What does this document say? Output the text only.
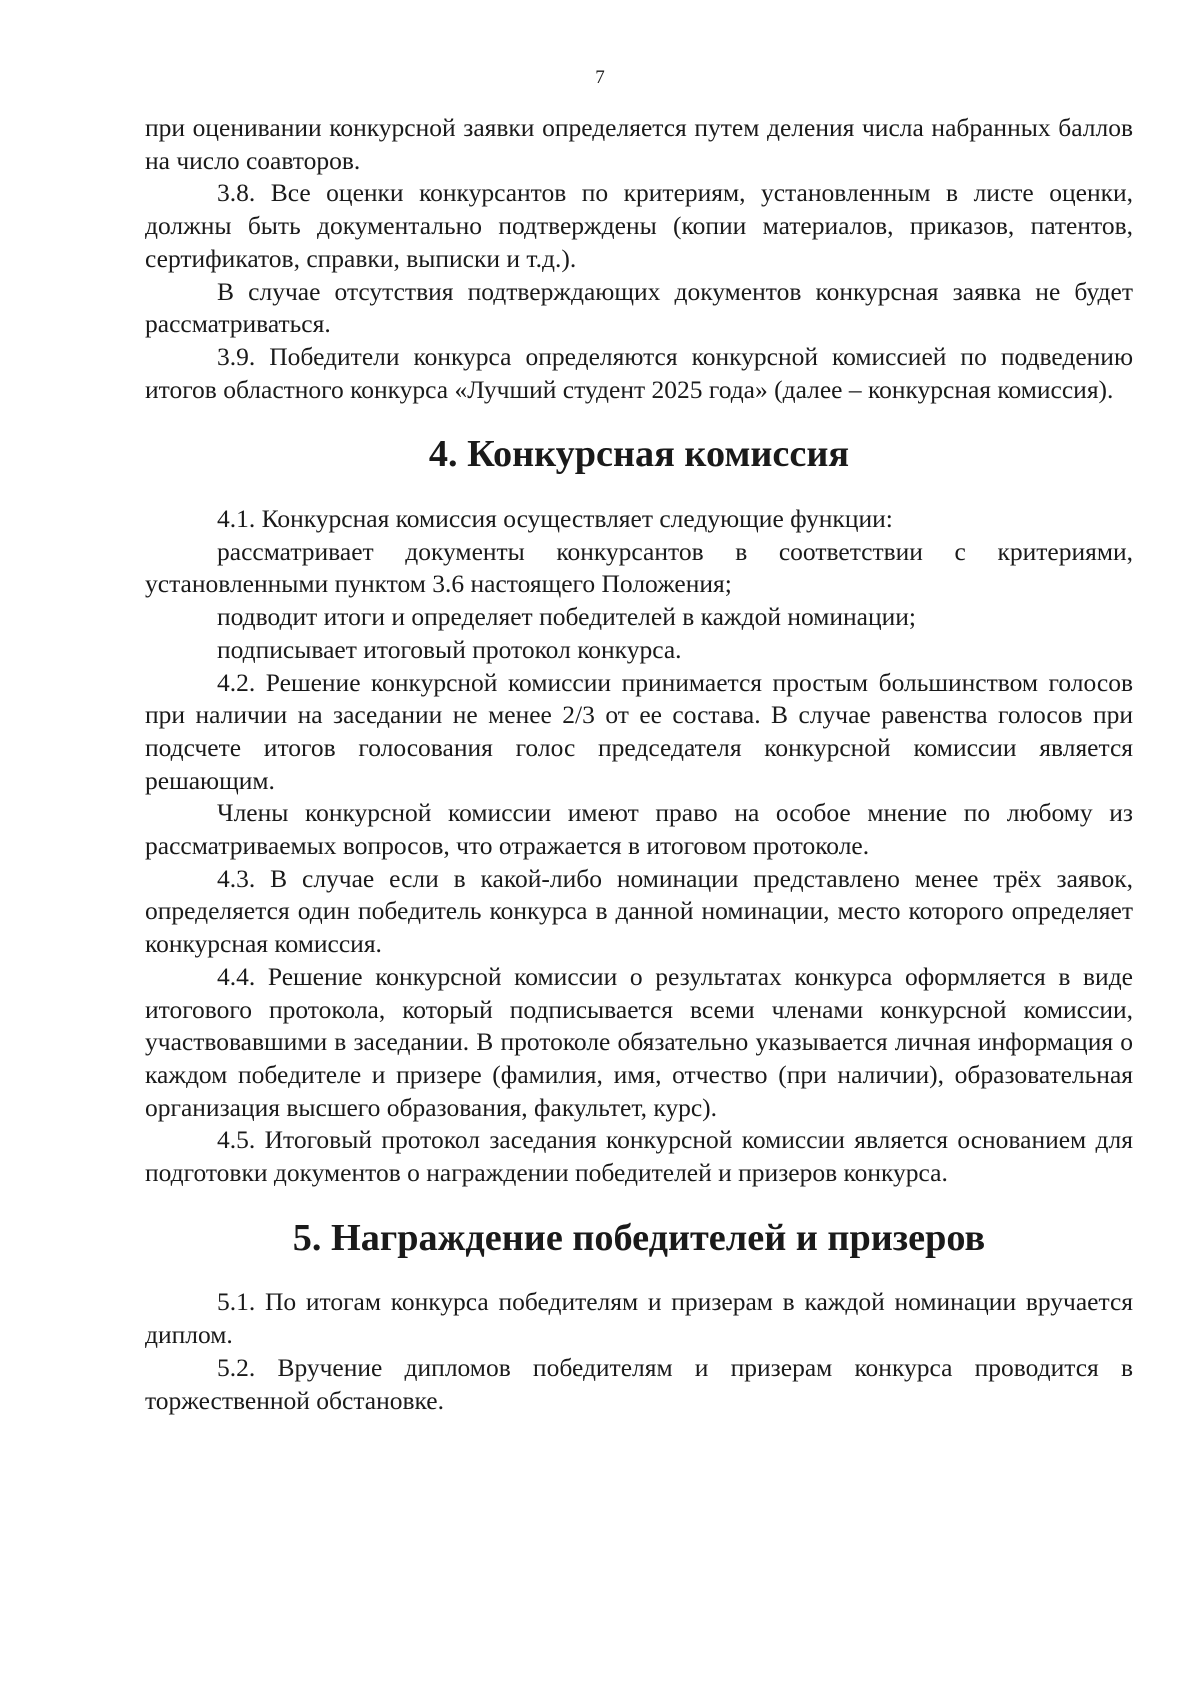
7

при оценивании конкурсной заявки определяется путем деления числа набранных баллов на число соавторов.

3.8. Все оценки конкурсантов по критериям, установленным в листе оценки, должны быть документально подтверждены (копии материалов, приказов, патентов, сертификатов, справки, выписки и т.д.).

В случае отсутствия подтверждающих документов конкурсная заявка не будет рассматриваться.

3.9. Победители конкурса определяются конкурсной комиссией по подведению итогов областного конкурса «Лучший студент 2025 года» (далее – конкурсная комиссия).

4. Конкурсная комиссия

4.1. Конкурсная комиссия осуществляет следующие функции:

рассматривает документы конкурсантов в соответствии с критериями, установленными пунктом 3.6 настоящего Положения;

подводит итоги и определяет победителей в каждой номинации;

подписывает итоговый протокол конкурса.

4.2. Решение конкурсной комиссии принимается простым большинством голосов при наличии на заседании не менее 2/3 от ее состава. В случае равенства голосов при подсчете итогов голосования голос председателя конкурсной комиссии является решающим.

Члены конкурсной комиссии имеют право на особое мнение по любому из рассматриваемых вопросов, что отражается в итоговом протоколе.

4.3. В случае если в какой-либо номинации представлено менее трёх заявок, определяется один победитель конкурса в данной номинации, место которого определяет конкурсная комиссия.

4.4. Решение конкурсной комиссии о результатах конкурса оформляется в виде итогового протокола, который подписывается всеми членами конкурсной комиссии, участвовавшими в заседании. В протоколе обязательно указывается личная информация о каждом победителе и призере (фамилия, имя, отчество (при наличии), образовательная организация высшего образования, факультет, курс).

4.5. Итоговый протокол заседания конкурсной комиссии является основанием для подготовки документов о награждении победителей и призеров конкурса.

5. Награждение победителей и призеров

5.1. По итогам конкурса победителям и призерам в каждой номинации вручается диплом.

5.2. Вручение дипломов победителям и призерам конкурса проводится в торжественной обстановке.
